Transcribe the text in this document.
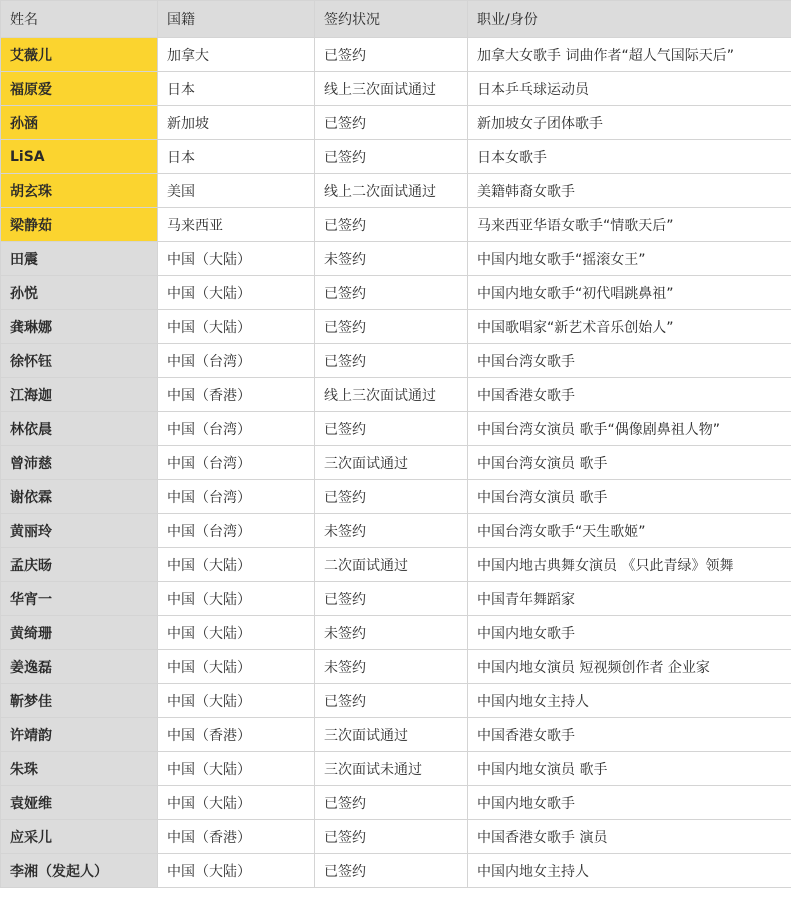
姓名	国籍	签约状况	职业/身份
艾薇儿	加拿大	已签约	加拿大女歌手 词曲作者“超人气国际天后”
福原爱	日本	线上三次面试通过	日本乒乓球运动员
孙涵	新加坡	已签约	新加坡女子团体歌手
LiSA	日本	已签约	日本女歌手
胡玄珠	美国	线上二次面试通过	美籍韩裔女歌手
梁静茹	马来西亚	已签约	马来西亚华语女歌手“情歌天后”
田震	中国（大陆）	未签约	中国内地女歌手“摇滚女王”
孙悦	中国（大陆）	已签约	中国内地女歌手“初代唱跳鼻祖”
龚琳娜	中国（大陆）	已签约	中国歌唱家“新艺术音乐创始人”
徐怀钰	中国（台湾）	已签约	中国台湾女歌手
江海迦	中国（香港）	线上三次面试通过	中国香港女歌手
林依晨	中国（台湾）	已签约	中国台湾女演员 歌手“偶像剧鼻祖人物”
曾沛慈	中国（台湾）	三次面试通过	中国台湾女演员 歌手
谢依霖	中国（台湾）	已签约	中国台湾女演员 歌手
黄丽玲	中国（台湾）	未签约	中国台湾女歌手“天生歌姬”
孟庆旸	中国（大陆）	二次面试通过	中国内地古典舞女演员 《只此青绿》领舞
华宵一	中国（大陆）	已签约	中国青年舞蹈家
黄绮珊	中国（大陆）	未签约	中国内地女歌手
姜逸磊	中国（大陆）	未签约	中国内地女演员 短视频创作者 企业家
靳梦佳	中国（大陆）	已签约	中国内地女主持人
许靖韵	中国（香港）	三次面试通过	中国香港女歌手
朱珠	中国（大陆）	三次面试未通过	中国内地女演员 歌手
袁娅维	中国（大陆）	已签约	中国内地女歌手
应采儿	中国（香港）	已签约	中国香港女歌手 演员
李湘（发起人）	中国（大陆）	已签约	中国内地女主持人
